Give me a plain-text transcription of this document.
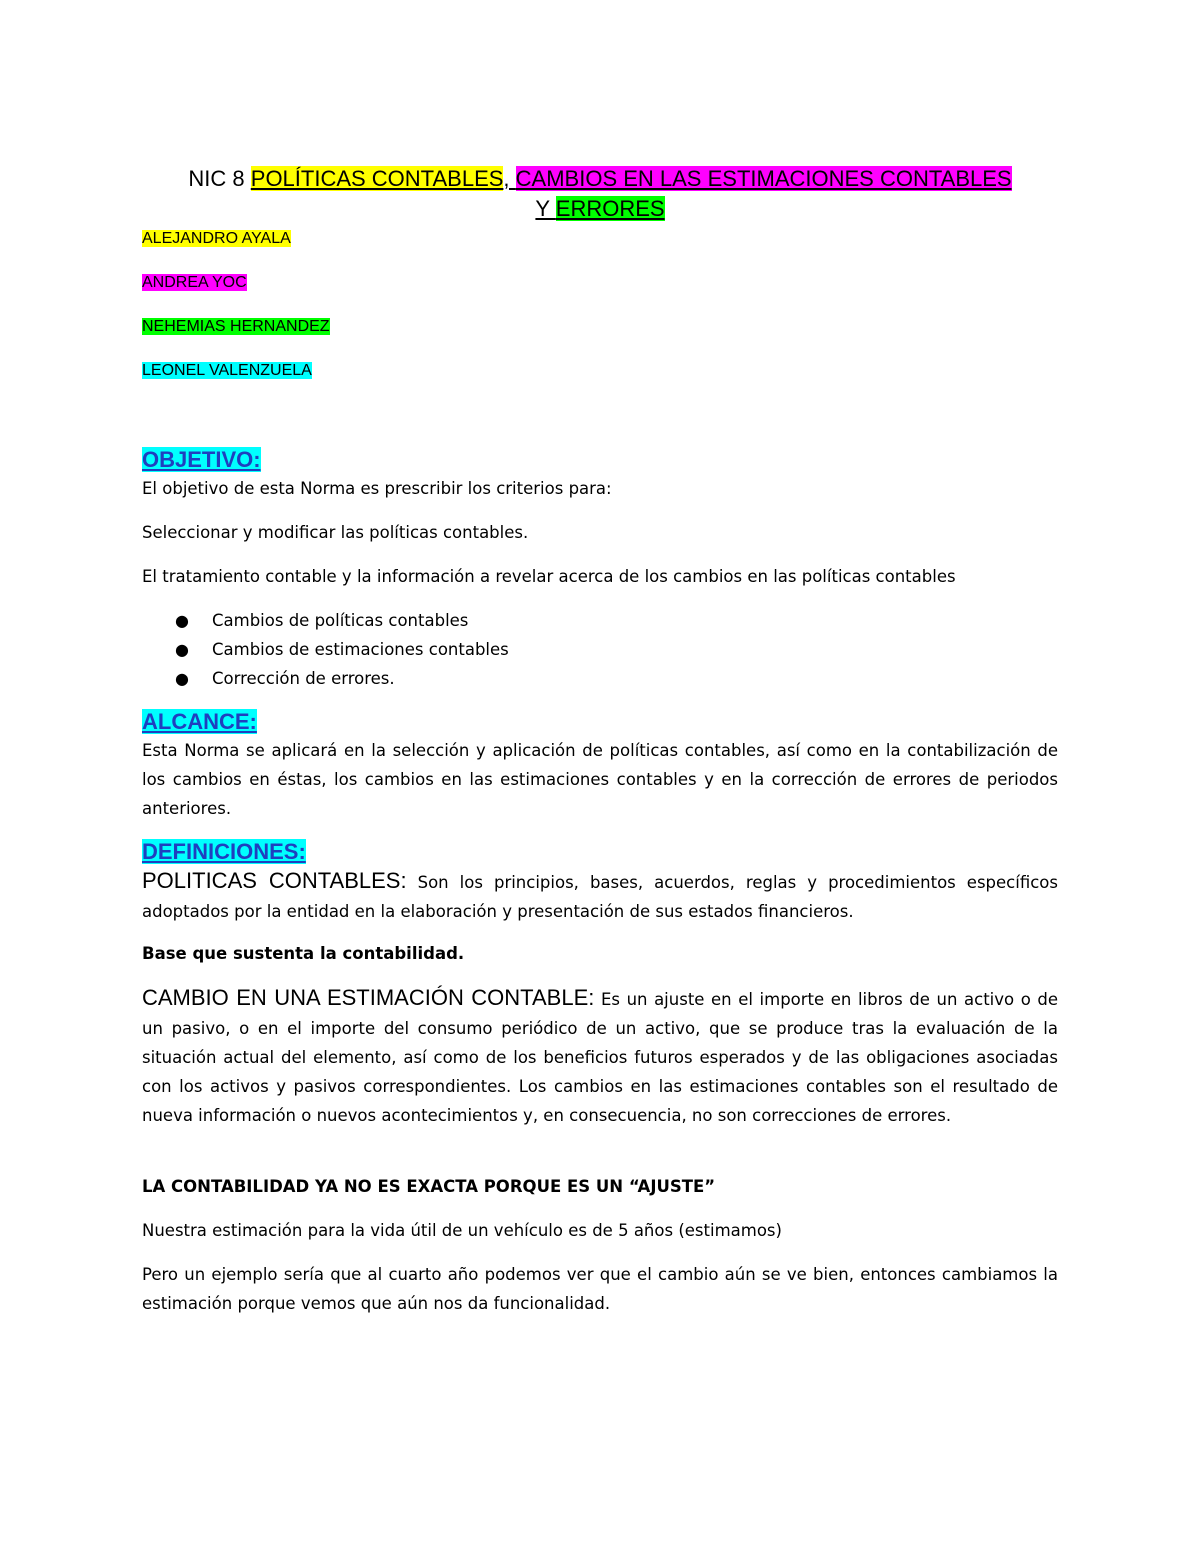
NIC 8 POLÍTICAS CONTABLES, CAMBIOS EN LAS ESTIMACIONES CONTABLES
Y ERRORES
ALEJANDRO AYALA
ANDREA YOC
NEHEMIAS HERNANDEZ
LEONEL VALENZUELA
OBJETIVO:
El objetivo de esta Norma es prescribir los criterios para:
Seleccionar y modificar las políticas contables.
El tratamiento contable y la información a revelar acerca de los cambios en las políticas contables
● Cambios de políticas contables
● Cambios de estimaciones contables
● Corrección de errores.
ALCANCE:
Esta Norma se aplicará en la selección y aplicación de políticas contables, así como en la contabilización de los cambios en éstas, los cambios en las estimaciones contables y en la corrección de errores de periodos anteriores.
DEFINICIONES:
POLITICAS CONTABLES: Son los principios, bases, acuerdos, reglas y procedimientos específicos adoptados por la entidad en la elaboración y presentación de sus estados financieros.
Base que sustenta la contabilidad.
CAMBIO EN UNA ESTIMACIÓN CONTABLE: Es un ajuste en el importe en libros de un activo o de un pasivo, o en el importe del consumo periódico de un activo, que se produce tras la evaluación de la situación actual del elemento, así como de los beneficios futuros esperados y de las obligaciones asociadas con los activos y pasivos correspondientes. Los cambios en las estimaciones contables son el resultado de nueva información o nuevos acontecimientos y, en consecuencia, no son correcciones de errores.
LA CONTABILIDAD YA NO ES EXACTA PORQUE ES UN “AJUSTE”
Nuestra estimación para la vida útil de un vehículo es de 5 años (estimamos)
Pero un ejemplo sería que al cuarto año podemos ver que el cambio aún se ve bien, entonces cambiamos la estimación porque vemos que aún nos da funcionalidad.
